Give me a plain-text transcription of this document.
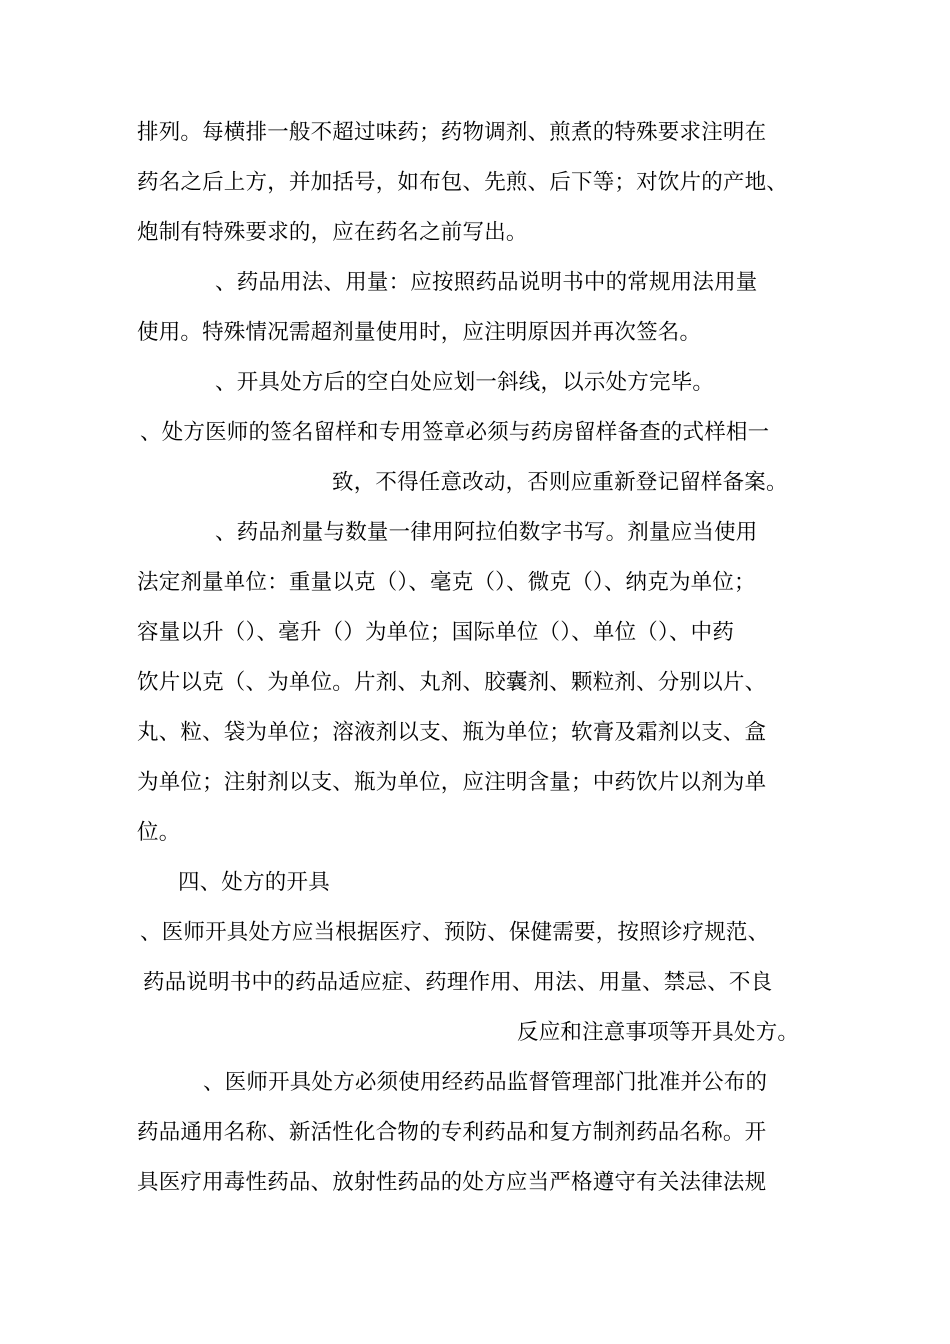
排列。每横排一般不超过味药；药物调剂、煎煮的特殊要求注明在
药名之后上方，并加括号，如布包、先煎、后下等；对饮片的产地、
炮制有特殊要求的，应在药名之前写出。
、药品用法、用量：应按照药品说明书中的常规用法用量
使用。特殊情况需超剂量使用时，应注明原因并再次签名。
、开具处方后的空白处应划一斜线，以示处方完毕。
、处方医师的签名留样和专用签章必须与药房留样备查的式样相一
致，不得任意改动，否则应重新登记留样备案。
、药品剂量与数量一律用阿拉伯数字书写。剂量应当使用
法定剂量单位：重量以克（）、毫克（）、微克（）、纳克为单位；
容量以升（）、毫升（）为单位；国际单位（）、单位（）、中药
饮片以克（、为单位。片剂、丸剂、胶囊剂、颗粒剂、分别以片、
丸、粒、袋为单位；溶液剂以支、瓶为单位；软膏及霜剂以支、盒
为单位；注射剂以支、瓶为单位，应注明含量；中药饮片以剂为单
位。
四、处方的开具
、医师开具处方应当根据医疗、预防、保健需要，按照诊疗规范、
药品说明书中的药品适应症、药理作用、用法、用量、禁忌、不良
反应和注意事项等开具处方。
、医师开具处方必须使用经药品监督管理部门批准并公布的
药品通用名称、新活性化合物的专利药品和复方制剂药品名称。开
具医疗用毒性药品、放射性药品的处方应当严格遵守有关法律法规
